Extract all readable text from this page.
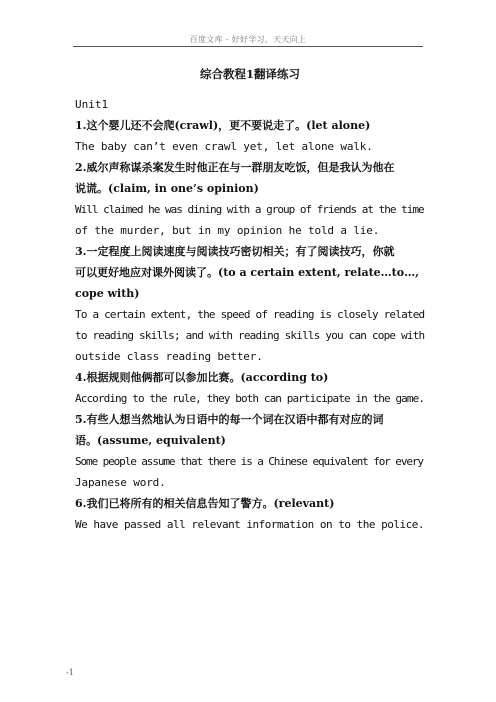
百度文库 - 好好学习，天天向上
综合教程1翻译练习
Unit1
1.这个婴儿还不会爬(crawl)，更不要说走了。(let alone)
The baby can’t even crawl yet, let alone walk.
2.威尔声称谋杀案发生时他正在与一群朋友吃饭，但是我认为他在
说谎。(claim, in one’s opinion)
Will claimed he was dining with a group of friends at the time
of the murder, but in my opinion he told a lie.
3.一定程度上阅读速度与阅读技巧密切相关；有了阅读技巧，你就
可以更好地应对课外阅读了。(to a certain extent, relate…to…,
cope with)
To a certain extent, the speed of reading is closely related
to reading skills; and with reading skills you can cope with
outside class reading better.
4.根据规则他俩都可以参加比赛。(according to)
According to the rule, they both can participate in the game.
5.有些人想当然地认为日语中的每一个词在汉语中都有对应的词
语。(assume, equivalent)
Some people assume that there is a Chinese equivalent for every
Japanese word.
6.我们已将所有的相关信息告知了警方。(relevant)
We have passed all relevant information on to the police.
-1
